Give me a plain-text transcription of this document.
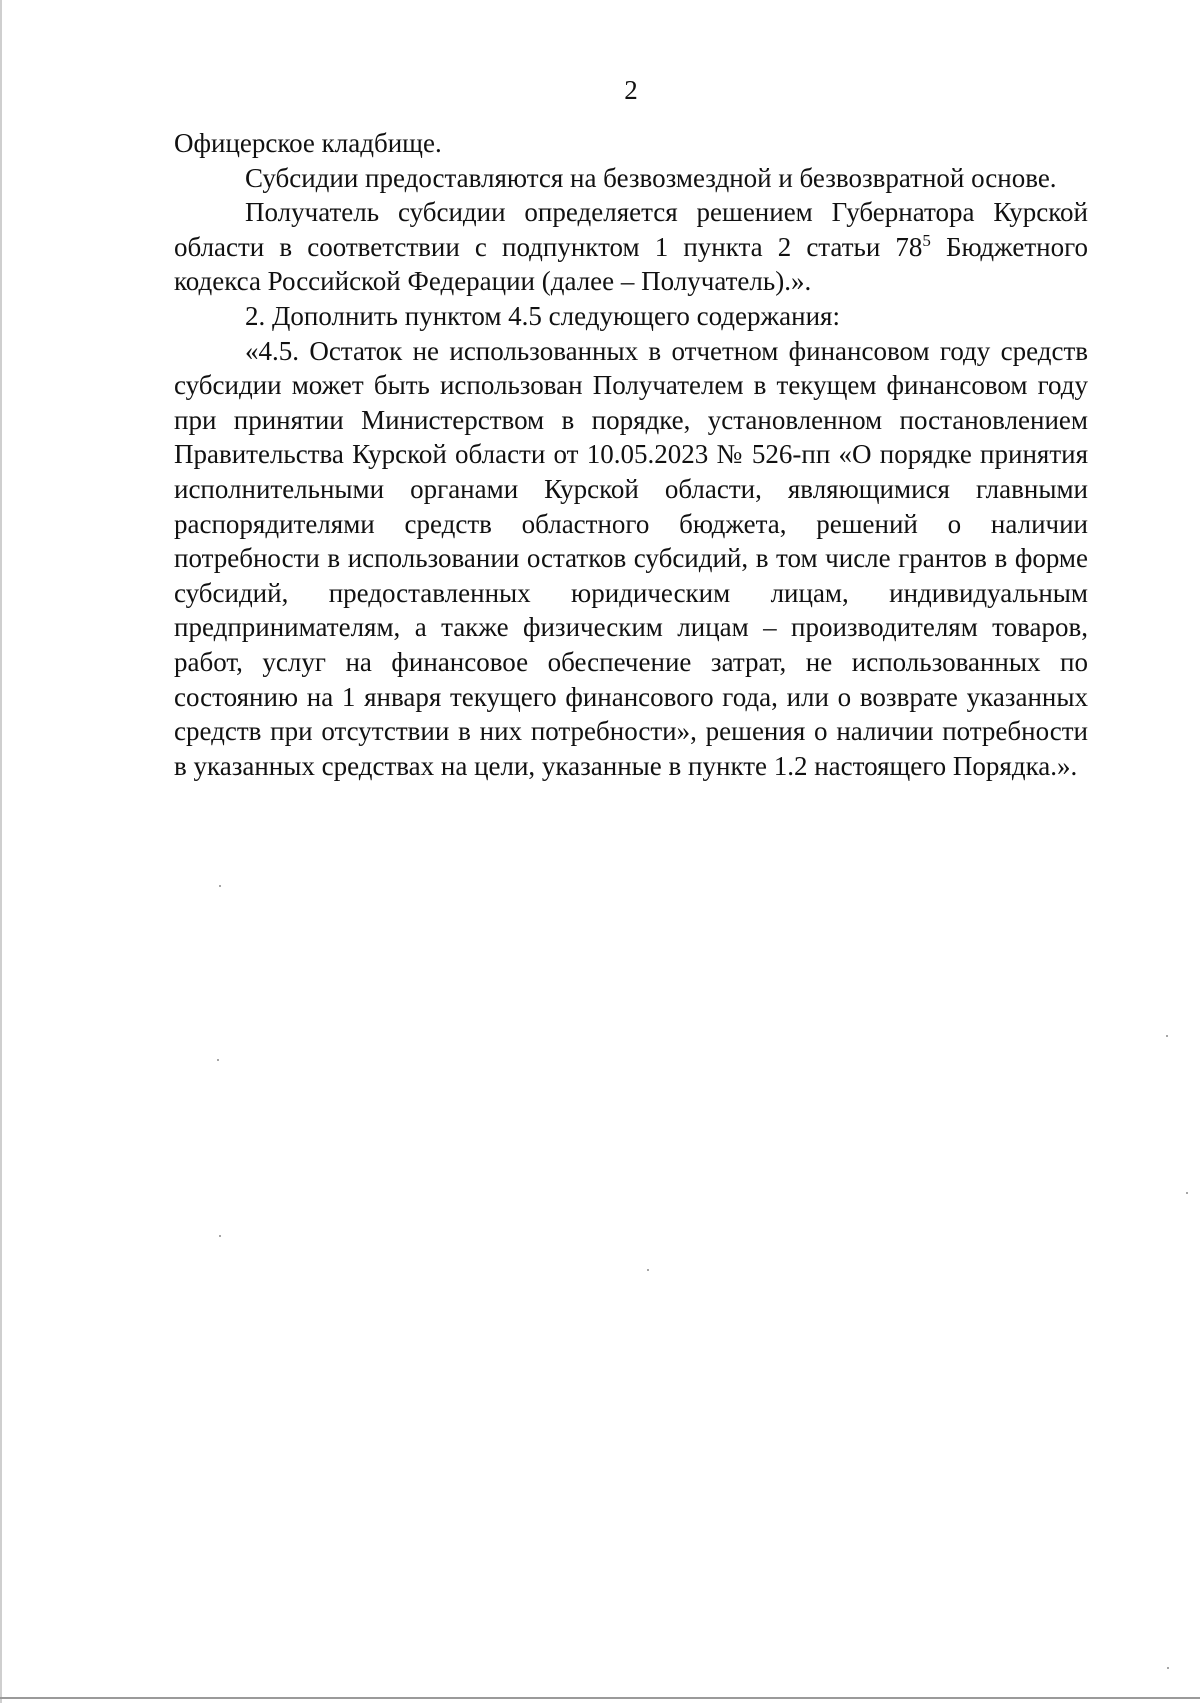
2

Офицерское кладбище.

Субсидии предоставляются на безвозмездной и безвозвратной основе.

Получатель субсидии определяется решением Губернатора Курской области в соответствии с подпунктом 1 пункта 2 статьи $78^5$ Бюджетного кодекса Российской Федерации (далее – Получатель).».

2. Дополнить пунктом 4.5 следующего содержания:

«4.5. Остаток не использованных в отчетном финансовом году средств субсидии может быть использован Получателем в текущем финансовом году при принятии Министерством в порядке, установленном постановлением Правительства Курской области от 10.05.2023 № 526-пп «О порядке принятия исполнительными органами Курской области, являющимися главными распорядителями средств областного бюджета, решений о наличии потребности в использовании остатков субсидий, в том числе грантов в форме субсидий, предоставленных юридическим лицам, индивидуальным предпринимателям, а также физическим лицам – производителям товаров, работ, услуг на финансовое обеспечение затрат, не использованных по состоянию на 1 января текущего финансового года, или о возврате указанных средств при отсутствии в них потребности», решения о наличии потребности в указанных средствах на цели, указанные в пункте 1.2 настоящего Порядка.».
